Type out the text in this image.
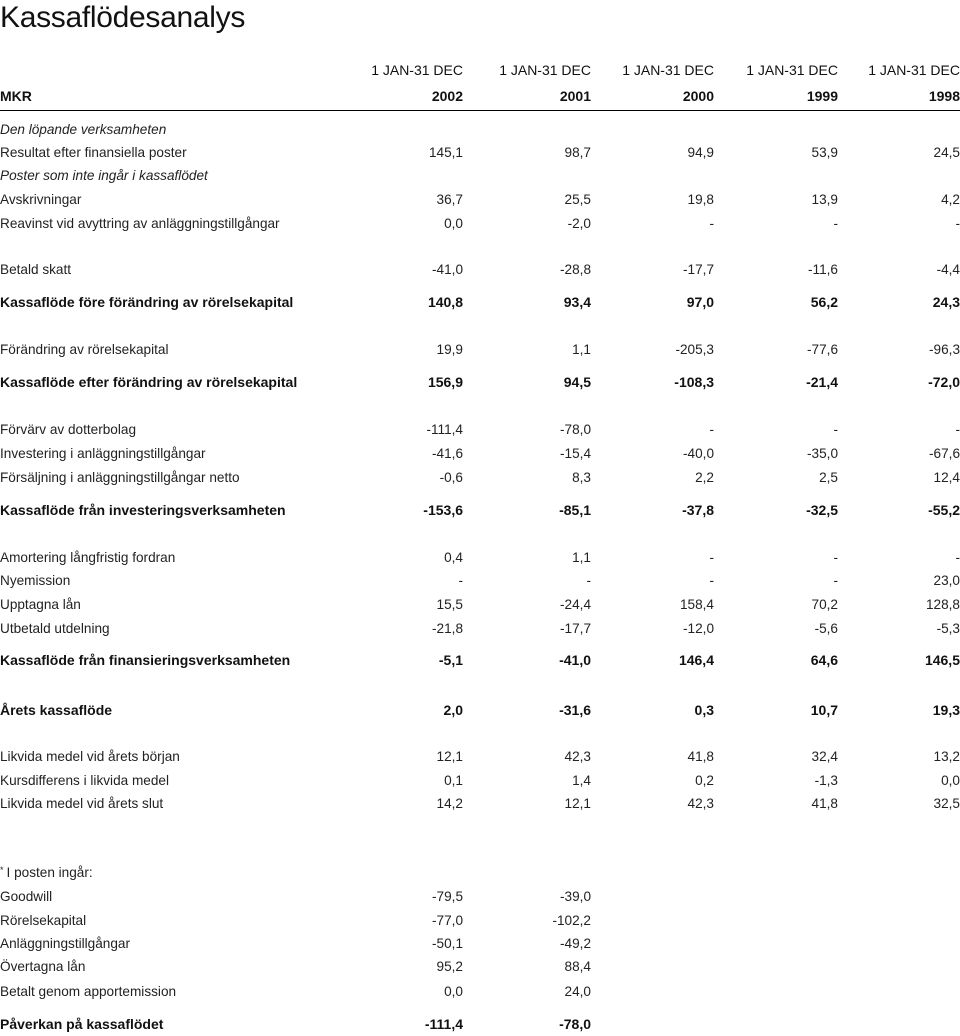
Kassaflödesanalys
1 JAN-31 DEC	1 JAN-31 DEC	1 JAN-31 DEC	1 JAN-31 DEC	1 JAN-31 DEC
MKR	2002	2001	2000	1999	1998
Den löpande verksamheten
Resultat efter finansiella poster	145,1	98,7	94,9	53,9	24,5
Poster som inte ingår i kassaflödet
Avskrivningar	36,7	25,5	19,8	13,9	4,2
Reavinst vid avyttring av anläggningstillgångar	0,0	-2,0	-	-	-
Betald skatt	-41,0	-28,8	-17,7	-11,6	-4,4
Kassaflöde före förändring av rörelsekapital	140,8	93,4	97,0	56,2	24,3
Förändring av rörelsekapital	19,9	1,1	-205,3	-77,6	-96,3
Kassaflöde efter förändring av rörelsekapital	156,9	94,5	-108,3	-21,4	-72,0
Förvärv av dotterbolag	-111,4	-78,0	-	-	-
Investering i anläggningstillgångar	-41,6	-15,4	-40,0	-35,0	-67,6
Försäljning i anläggningstillgångar netto	-0,6	8,3	2,2	2,5	12,4
Kassaflöde från investeringsverksamheten	-153,6	-85,1	-37,8	-32,5	-55,2
Amortering långfristig fordran	0,4	1,1	-	-	-
Nyemission	-	-	-	-	23,0
Upptagna lån	15,5	-24,4	158,4	70,2	128,8
Utbetald utdelning	-21,8	-17,7	-12,0	-5,6	-5,3
Kassaflöde från finansieringsverksamheten	-5,1	-41,0	146,4	64,6	146,5
Årets kassaflöde	2,0	-31,6	0,3	10,7	19,3
Likvida medel vid årets början	12,1	42,3	41,8	32,4	13,2
Kursdifferens i likvida medel	0,1	1,4	0,2	-1,3	0,0
Likvida medel vid årets slut	14,2	12,1	42,3	41,8	32,5
* I posten ingår:
Goodwill	-79,5	-39,0
Rörelsekapital	-77,0	-102,2
Anläggningstillgångar	-50,1	-49,2
Övertagna lån	95,2	88,4
Betalt genom apportemission	0,0	24,0
Påverkan på kassaflödet	-111,4	-78,0
